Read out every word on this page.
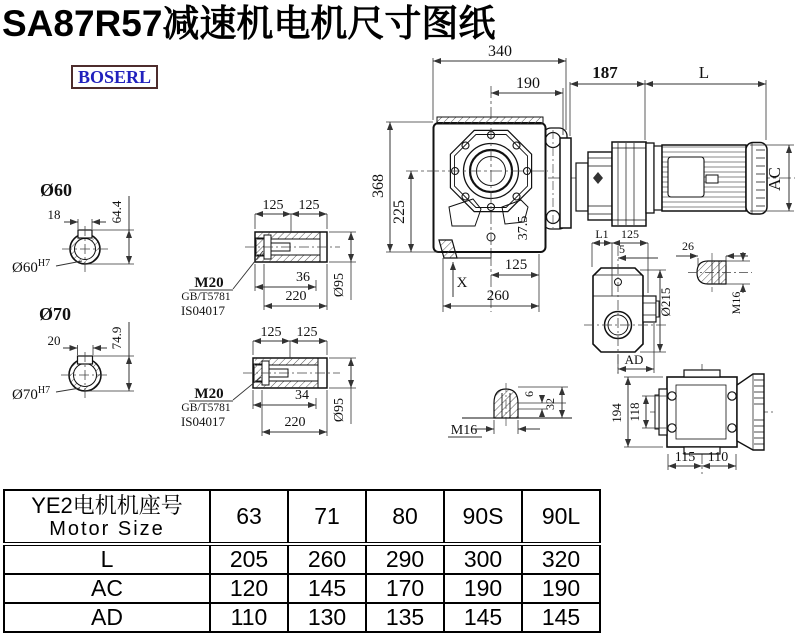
Ø60
18	64.4
$Ø60^{H7}$
Ø70
20	74.9
$Ø70^{H7}$
125 125
36
220 Ø95
M20
GB/T5781
IS04017
125 125
34
220
Ø95
M20
GB/T5781
IS04017
340
190
368
225
37.5
X
125
260
187	L
AC
L1 125
5
Ø215
AD
26
M16
6
32
M16
194 118
115 110
SA87R57减速机电机尺寸图纸
BOSERL
YE2电机机座号
Motor Size	63	71	80	90S	90L
L	205	260	290	300	320
AC	120	145	170	190	190
AD	110	130	135	145	145
